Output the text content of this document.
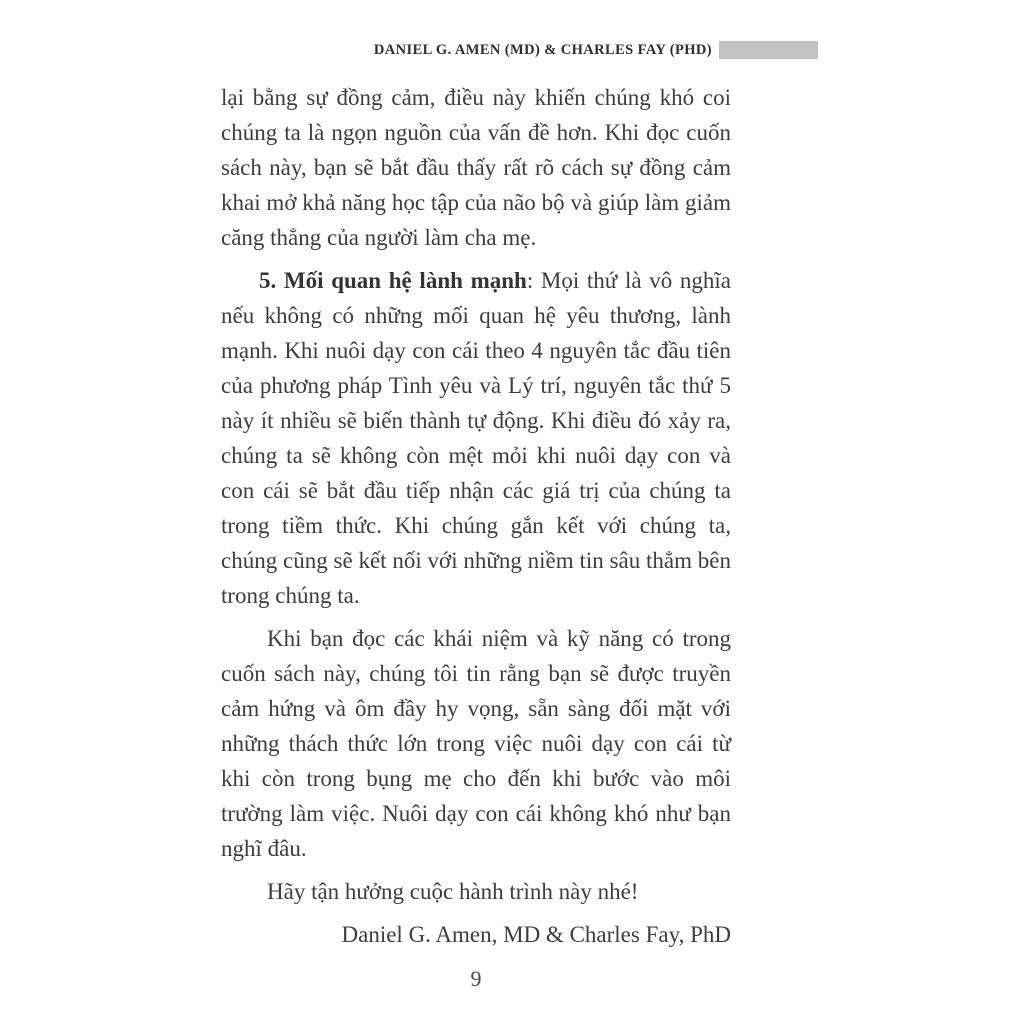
DANIEL G. AMEN (MD) & CHARLES FAY (PHD)

lại bằng sự đồng cảm, điều này khiến chúng khó coi chúng ta là ngọn nguồn của vấn đề hơn. Khi đọc cuốn sách này, bạn sẽ bắt đầu thấy rất rõ cách sự đồng cảm khai mở khả năng học tập của não bộ và giúp làm giảm căng thẳng của người làm cha mẹ.

5. Mối quan hệ lành mạnh: Mọi thứ là vô nghĩa nếu không có những mối quan hệ yêu thương, lành mạnh. Khi nuôi dạy con cái theo 4 nguyên tắc đầu tiên của phương pháp Tình yêu và Lý trí, nguyên tắc thứ 5 này ít nhiều sẽ biến thành tự động. Khi điều đó xảy ra, chúng ta sẽ không còn mệt mỏi khi nuôi dạy con và con cái sẽ bắt đầu tiếp nhận các giá trị của chúng ta trong tiềm thức. Khi chúng gắn kết với chúng ta, chúng cũng sẽ kết nối với những niềm tin sâu thẳm bên trong chúng ta.

Khi bạn đọc các khái niệm và kỹ năng có trong cuốn sách này, chúng tôi tin rằng bạn sẽ được truyền cảm hứng và ôm đầy hy vọng, sẵn sàng đối mặt với những thách thức lớn trong việc nuôi dạy con cái từ khi còn trong bụng mẹ cho đến khi bước vào môi trường làm việc. Nuôi dạy con cái không khó như bạn nghĩ đâu.

Hãy tận hưởng cuộc hành trình này nhé!

Daniel G. Amen, MD & Charles Fay, PhD

9
